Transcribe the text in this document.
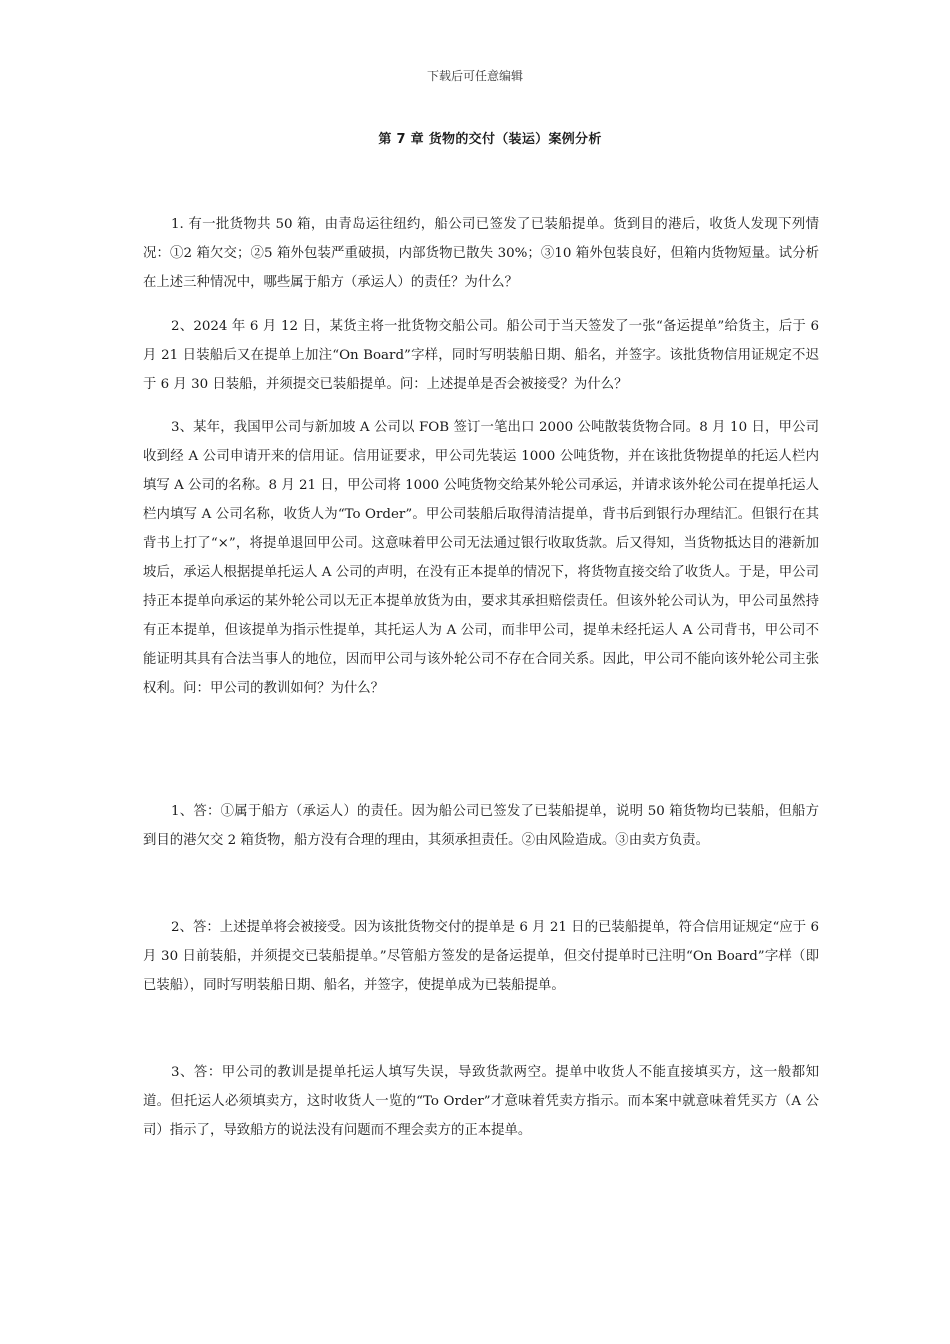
下载后可任意编辑
第 7 章 货物的交付（装运）案例分析

1. 有一批货物共 50 箱，由青岛运往纽约，船公司已签发了已装船提单。货到目的港后，收货人发现下列情况：①2 箱欠交；②5 箱外包装严重破损，内部货物已散失 30%；③10 箱外包装良好，但箱内货物短量。试分析在上述三种情况中，哪些属于船方（承运人）的责任？为什么？

2、2024 年 6 月 12 日，某货主将一批货物交船公司。船公司于当天签发了一张“备运提单”给货主，后于 6 月 21 日装船后又在提单上加注“On Board”字样，同时写明装船日期、船名，并签字。该批货物信用证规定不迟于 6 月 30 日装船，并须提交已装船提单。问：上述提单是否会被接受？为什么？

3、某年，我国甲公司与新加坡 A 公司以 FOB 签订一笔出口 2000 公吨散装货物合同。8 月 10 日，甲公司收到经 A 公司申请开来的信用证。信用证要求，甲公司先装运 1000 公吨货物，并在该批货物提单的托运人栏内填写 A 公司的名称。8 月 21 日，甲公司将 1000 公吨货物交给某外轮公司承运，并请求该外轮公司在提单托运人栏内填写 A 公司名称，收货人为“To Order”。甲公司装船后取得清洁提单，背书后到银行办理结汇。但银行在其背书上打了“×”，将提单退回甲公司。这意味着甲公司无法通过银行收取货款。后又得知，当货物抵达目的港新加坡后，承运人根据提单托运人 A 公司的声明，在没有正本提单的情况下，将货物直接交给了收货人。于是，甲公司持正本提单向承运的某外轮公司以无正本提单放货为由，要求其承担赔偿责任。但该外轮公司认为，甲公司虽然持有正本提单，但该提单为指示性提单，其托运人为 A 公司，而非甲公司，提单未经托运人 A 公司背书，甲公司不能证明其具有合法当事人的地位，因而甲公司与该外轮公司不存在合同关系。因此，甲公司不能向该外轮公司主张权利。问：甲公司的教训如何？为什么？

1、答：①属于船方（承运人）的责任。因为船公司已签发了已装船提单，说明 50 箱货物均已装船，但船方到目的港欠交 2 箱货物，船方没有合理的理由，其须承担责任。②由风险造成。③由卖方负责。

2、答：上述提单将会被接受。因为该批货物交付的提单是 6 月 21 日的已装船提单，符合信用证规定“应于 6 月 30 日前装船，并须提交已装船提单。”尽管船方签发的是备运提单，但交付提单时已注明“On Board”字样（即已装船），同时写明装船日期、船名，并签字，使提单成为已装船提单。

3、答：甲公司的教训是提单托运人填写失误，导致货款两空。提单中收货人不能直接填买方，这一般都知道。但托运人必须填卖方，这时收货人一览的“To Order”才意味着凭卖方指示。而本案中就意味着凭买方（A 公司）指示了，导致船方的说法没有问题而不理会卖方的正本提单。
